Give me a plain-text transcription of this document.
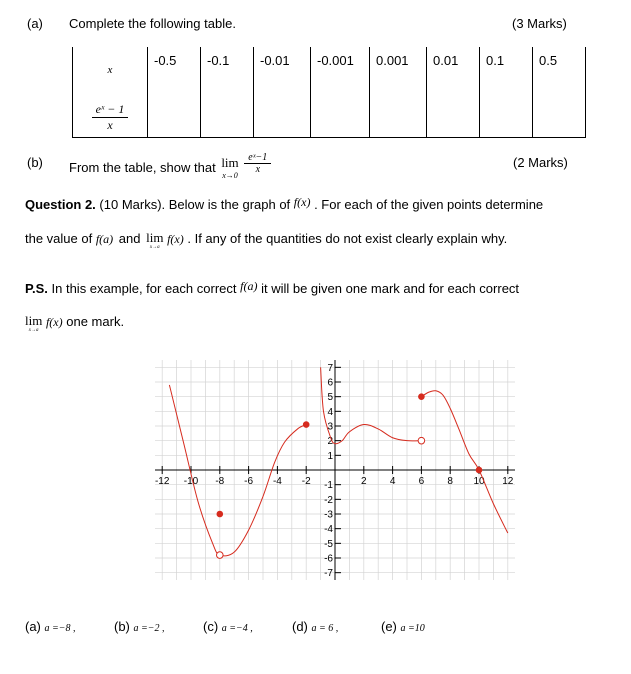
(a) Complete the following table.	(3 Marks)
x	-0.5	-0.1	-0.01	-0.001	0.001	0.01	0.1	0.5

$\frac{\text{eˣ − 1}}{x}$

(b) From the table, show that lim
x→0

$\frac{\text{eˣ−1}}{x}$	(2 Marks)
Question 2. (10 Marks). Below is the graph of f(x) . For each of the given points determine
the value of f(a) and lim
x→a
f(x) . If any of the quantities do not exist clearly explain why.
P.S. In this example, for each correct f(a) it will be given one mark and for each correct
lim
x→a
f(x) one mark.
-12 -10 -8 -6 -4 -2	2 4 6 8 10 12
7
6
5
4
3
2
1
-1
-2
-3
-4
-5
-6
-7
(a) a =−8 ,	(b) a =−2 ,	(c) a =−4 ,	(d) a = 6 ,	(e) a =10
